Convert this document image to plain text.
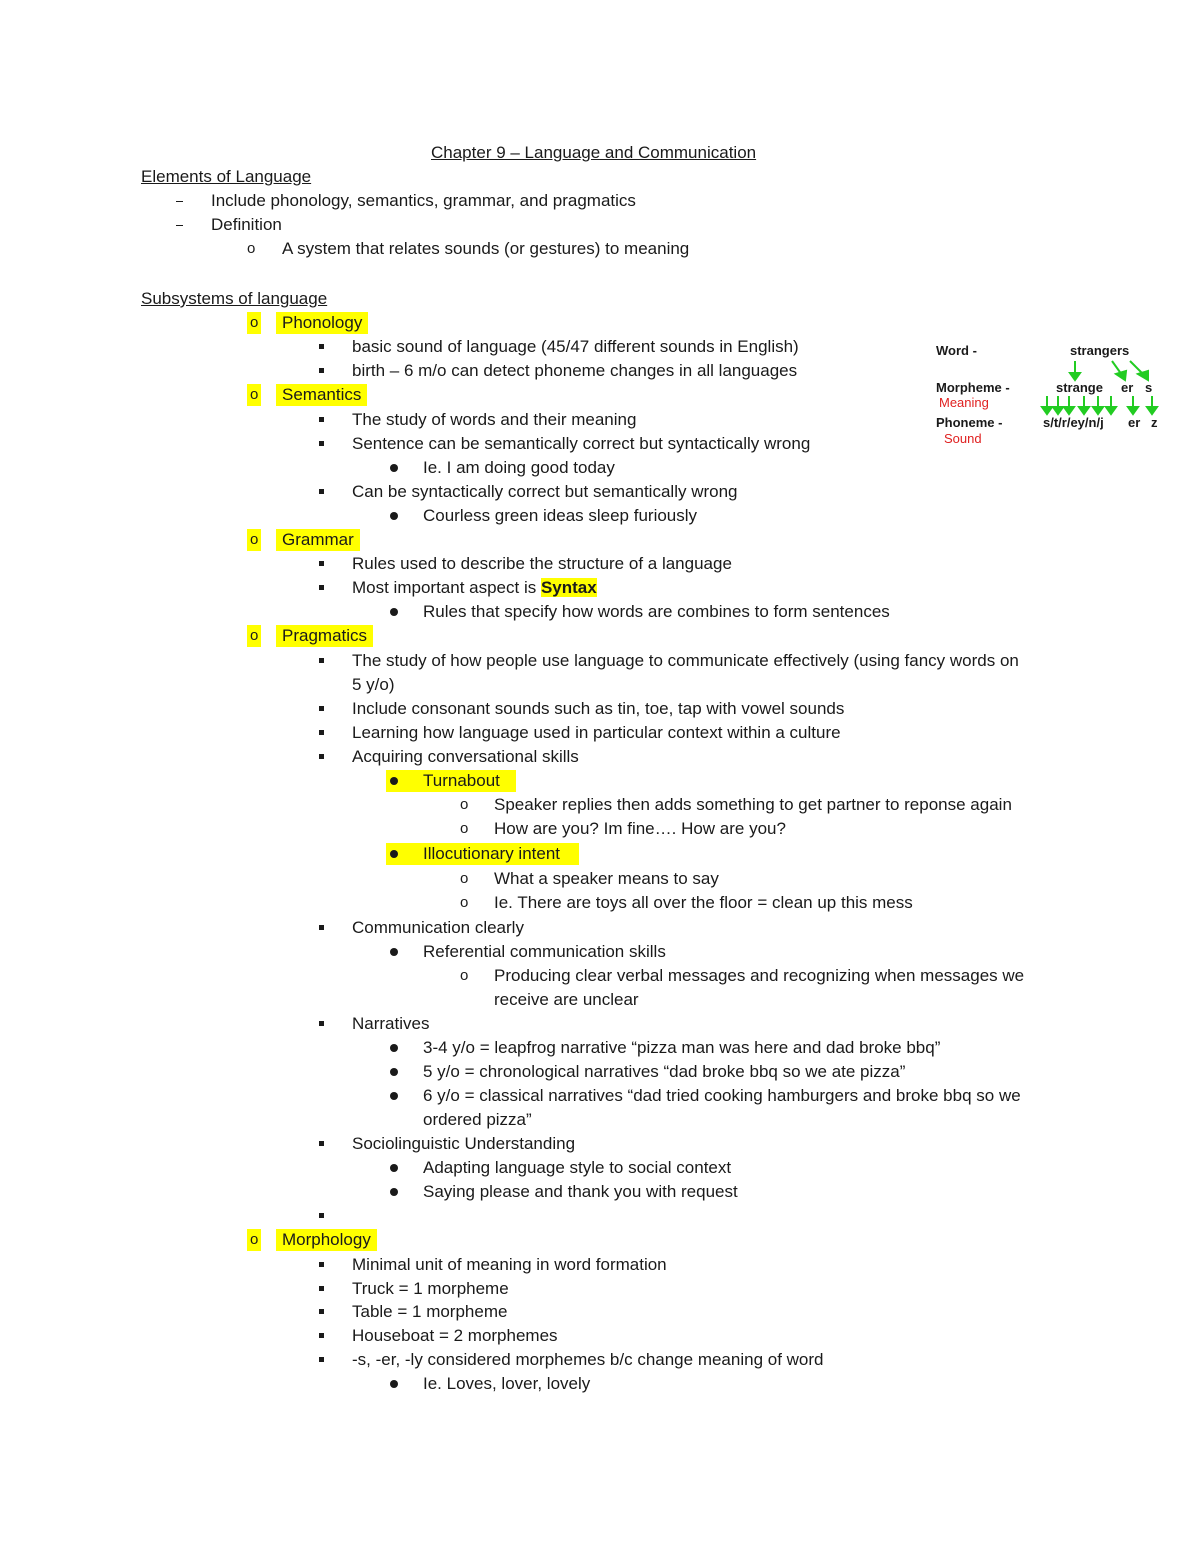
Chapter 9 – Language and Communication
Elements of Language
Include phonology, semantics, grammar, and pragmatics
Definition
o A system that relates sounds (or gestures) to meaning
Subsystems of language
o	Phonology
basic sound of language (45/47 different sounds in English)
birth – 6 m/o can detect phoneme changes in all languages
o	Semantics
The study of words and their meaning
Sentence can be semantically correct but syntactically wrong
Ie. I am doing good today
Can be syntactically correct but semantically wrong
Courless green ideas sleep furiously
o	Grammar
Rules used to describe the structure of a language
Most important aspect is Syntax
Rules that specify how words are combines to form sentences
o	Pragmatics
The study of how people use language to communicate effectively (using fancy words on
5 y/o)
Include consonant sounds such as tin, toe, tap with vowel sounds
Learning how language used in particular context within a culture
Acquiring conversational skills
Turnabout
o Speaker replies then adds something to get partner to reponse again
o How are you? Im fine…. How are you?
Illocutionary intent
o What a speaker means to say
o Ie. There are toys all over the floor = clean up this mess
Communication clearly
Referential communication skills
o Producing clear verbal messages and recognizing when messages we
receive are unclear
Narratives
3-4 y/o = leapfrog narrative “pizza man was here and dad broke bbq”
5 y/o = chronological narratives “dad broke bbq so we ate pizza”
6 y/o = classical narratives “dad tried cooking hamburgers and broke bbq so we
ordered pizza”
Sociolinguistic Understanding
Adapting language style to social context
Saying please and thank you with request
o	Morphology
Minimal unit of meaning in word formation
Truck = 1 morpheme
Table = 1 morpheme
Houseboat = 2 morphemes
-s, -er, -ly considered morphemes b/c change meaning of word
Ie. Loves, lover, lovely
Word -	strangers
Morpheme -	strange er s
Meaning
Phoneme -	s/t/r/ey/n/j er z
Sound
